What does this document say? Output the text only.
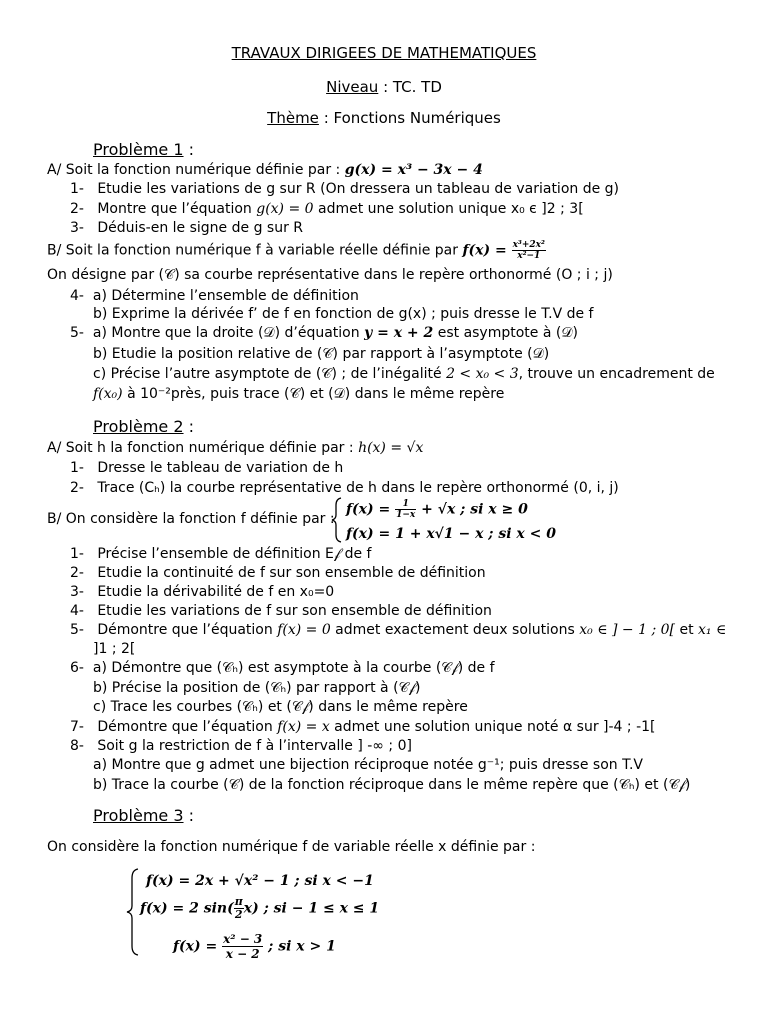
TRAVAUX DIRIGEES DE MATHEMATIQUES
Niveau : TC. TD
Thème : Fonctions Numériques
Problème 1 :
A/ Soit la fonction numérique définie par : g(x) = x³ − 3x − 4
1- Etudie les variations de g sur R (On dressera un tableau de variation de g)
2- Montre que l’équation g(x) = 0 admet une solution unique x₀ є ]2 ; 3[
3- Déduis-en le signe de g sur R
B/ Soit la fonction numérique f à variable réelle définie par $f(x) = \frac{\text{x³+2x²}}{\text{x²−1}}$
On désigne par (𝒞) sa courbe représentative dans le repère orthonormé (O ; i ; j)
4- a) Détermine l’ensemble de définition
b) Exprime la dérivée f’ de f en fonction de g(x) ; puis dresse le T.V de f
5- a) Montre que la droite (𝒟) d’équation y = x + 2 est asymptote à (𝒟)
b) Etudie la position relative de (𝒞) par rapport à l’asymptote (𝒟)
c) Précise l’autre asymptote de (𝒞) ; de l’inégalité 2 < x₀ < 3, trouve un encadrement de
f(x₀) à 10⁻²près, puis trace (𝒞) et (𝒟) dans le même repère
Problème 2 :
A/ Soit h la fonction numérique définie par : h(x) = √x
1- Dresse le tableau de variation de h
2- Trace (Cₕ) la courbe représentative de h dans le repère orthonormé (0, i, j)
B/ On considère la fonction f définie par :
$f(x) = \frac{1}{1-x} + √x$ ; si x ≥ 0
f(x) = 1 + x√1 − x ; si x < 0
1- Précise l’ensemble de définition E𝒻 de f
2- Etudie la continuité de f sur son ensemble de définition
3- Etudie la dérivabilité de f en x₀=0
4- Etudie les variations de f sur son ensemble de définition
5- Démontre que l’équation f(x) = 0 admet exactement deux solutions x₀ ∈ ] − 1 ; 0[ et x₁ ∈
]1 ; 2[
6- a) Démontre que (𝒞ₕ) est asymptote à la courbe (𝒞𝒻) de f
b) Précise la position de (𝒞ₕ) par rapport à (𝒞𝒻)
c) Trace les courbes (𝒞ₕ) et (𝒞𝒻) dans le même repère
7- Démontre que l’équation f(x) = x admet une solution unique noté α sur ]-4 ; -1[
8- Soit g la restriction de f à l’intervalle ] -∞ ; 0]
a) Montre que g admet une bijection réciproque notée g⁻¹; puis dresse son T.V
b) Trace la courbe (𝒞) de la fonction réciproque dans le même repère que (𝒞ₕ) et (𝒞𝒻)
Problème 3 :
On considère la fonction numérique f de variable réelle x définie par :
f(x) = 2x + √x² − 1 ; si x < −1
f(x) = 2 $\sin( \frac{\pi}{2} x)$ ; si − 1 ≤ x ≤ 1
$f(x) = \frac{\text{x² − 3}}{x - 2}$ ; si x > 1
